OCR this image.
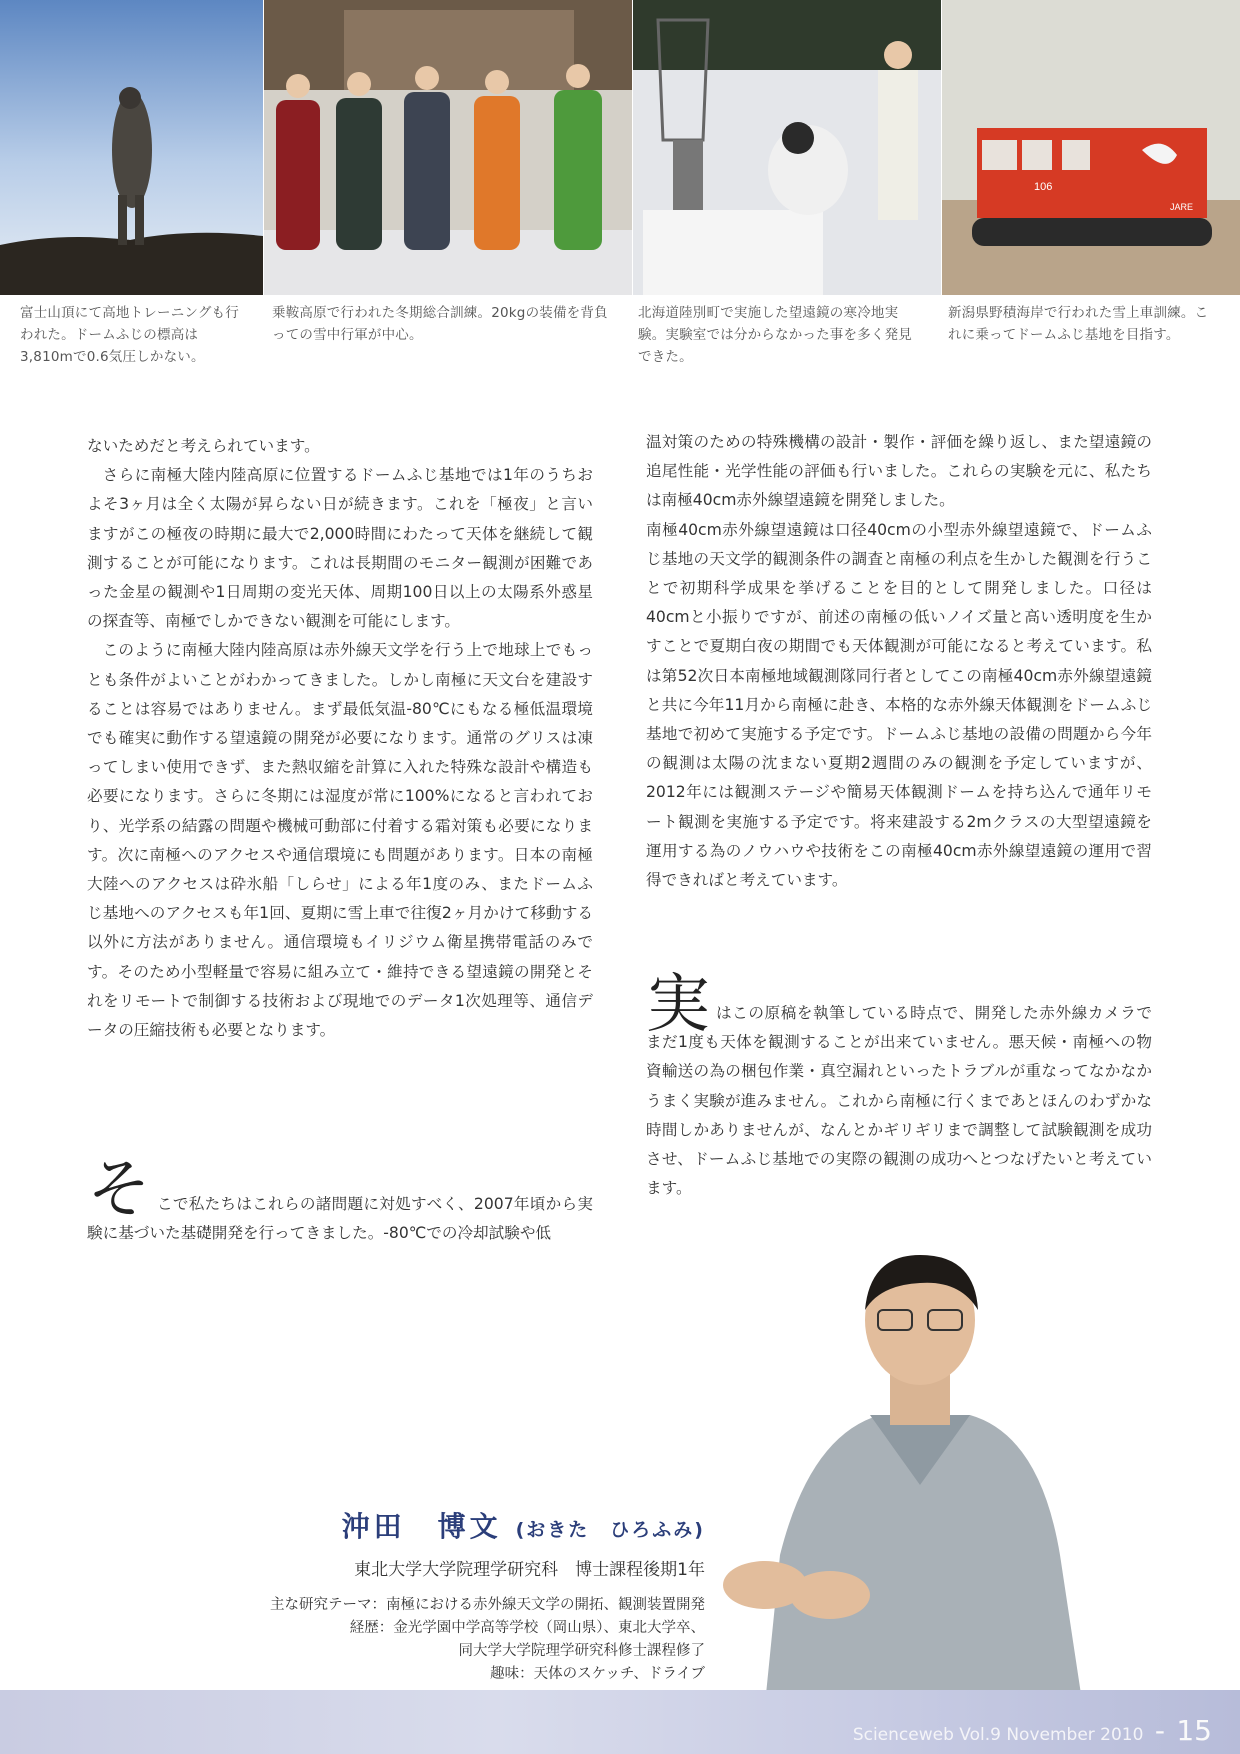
106
JARE
富士山頂にて高地トレーニングも行われた。ドームふじの標高は3,810mで0.6気圧しかない。
乗鞍高原で行われた冬期総合訓練。20kgの装備を背負っての雪中行軍が中心。
北海道陸別町で実施した望遠鏡の寒冷地実験。実験室では分からなかった事を多く発見できた。
新潟県野積海岸で行われた雪上車訓練。これに乗ってドームふじ基地を目指す。

ないためだと考えられています。

さらに南極大陸内陸高原に位置するドームふじ基地では1年のうちおよそ3ヶ月は全く太陽が昇らない日が続きます。これを「極夜」と言いますがこの極夜の時期に最大で2,000時間にわたって天体を継続して観測することが可能になります。これは長期間のモニター観測が困難であった金星の観測や1日周期の変光天体、周期100日以上の太陽系外惑星の探査等、南極でしかできない観測を可能にします。

このように南極大陸内陸高原は赤外線天文学を行う上で地球上でもっとも条件がよいことがわかってきました。しかし南極に天文台を建設することは容易ではありません。まず最低気温-80℃にもなる極低温環境でも確実に動作する望遠鏡の開発が必要になります。通常のグリスは凍ってしまい使用できず、また熱収縮を計算に入れた特殊な設計や構造も必要になります。さらに冬期には湿度が常に100%になると言われており、光学系の結露の問題や機械可動部に付着する霜対策も必要になります。次に南極へのアクセスや通信環境にも問題があります。日本の南極大陸へのアクセスは砕氷船「しらせ」による年1度のみ、またドームふじ基地へのアクセスも年1回、夏期に雪上車で往復2ヶ月かけて移動する以外に方法がありません。通信環境もイリジウム衛星携帯電話のみです。そのため小型軽量で容易に組み立て・維持できる望遠鏡の開発とそれをリモートで制御する技術および現地でのデータ1次処理等、通信データの圧縮技術も必要となります。

そ こで私たちはこれらの諸問題に対処すべく、2007年頃から実験に基づいた基礎開発を行ってきました。-80℃での冷却試験や低

温対策のための特殊機構の設計・製作・評価を繰り返し、また望遠鏡の追尾性能・光学性能の評価も行いました。これらの実験を元に、私たちは南極40cm赤外線望遠鏡を開発しました。

南極40cm赤外線望遠鏡は口径40cmの小型赤外線望遠鏡で、ドームふじ基地の天文学的観測条件の調査と南極の利点を生かした観測を行うことで初期科学成果を挙げることを目的として開発しました。口径は40cmと小振りですが、前述の南極の低いノイズ量と高い透明度を生かすことで夏期白夜の期間でも天体観測が可能になると考えています。私は第52次日本南極地域観測隊同行者としてこの南極40cm赤外線望遠鏡と共に今年11月から南極に赴き、本格的な赤外線天体観測をドームふじ基地で初めて実施する予定です。ドームふじ基地の設備の問題から今年の観測は太陽の沈まない夏期2週間のみの観測を予定していますが、2012年には観測ステージや簡易天体観測ドームを持ち込んで通年リモート観測を実施する予定です。将来建設する2mクラスの大型望遠鏡を運用する為のノウハウや技術をこの南極40cm赤外線望遠鏡の運用で習得できればと考えています。

実 はこの原稿を執筆している時点で、開発した赤外線カメラでまだ1度も天体を観測することが出来ていません。悪天候・南極への物資輸送の為の梱包作業・真空漏れといったトラブルが重なってなかなかうまく実験が進みません。これから南極に行くまであとほんのわずかな時間しかありませんが、なんとかギリギリまで調整して試験観測を成功させ、ドームふじ基地での実際の観測の成功へとつなげたいと考えています。
沖田　博文 (おきた　ひろふみ)
東北大学大学院理学研究科　博士課程後期1年
主な研究テーマ：南極における赤外線天文学の開拓、観測装置開発
経歴：金光学園中学高等学校（岡山県）、東北大学卒、
同大学大学院理学研究科修士課程修了
趣味：天体のスケッチ、ドライブ
Scienceweb Vol.9 November 2010 - 15
